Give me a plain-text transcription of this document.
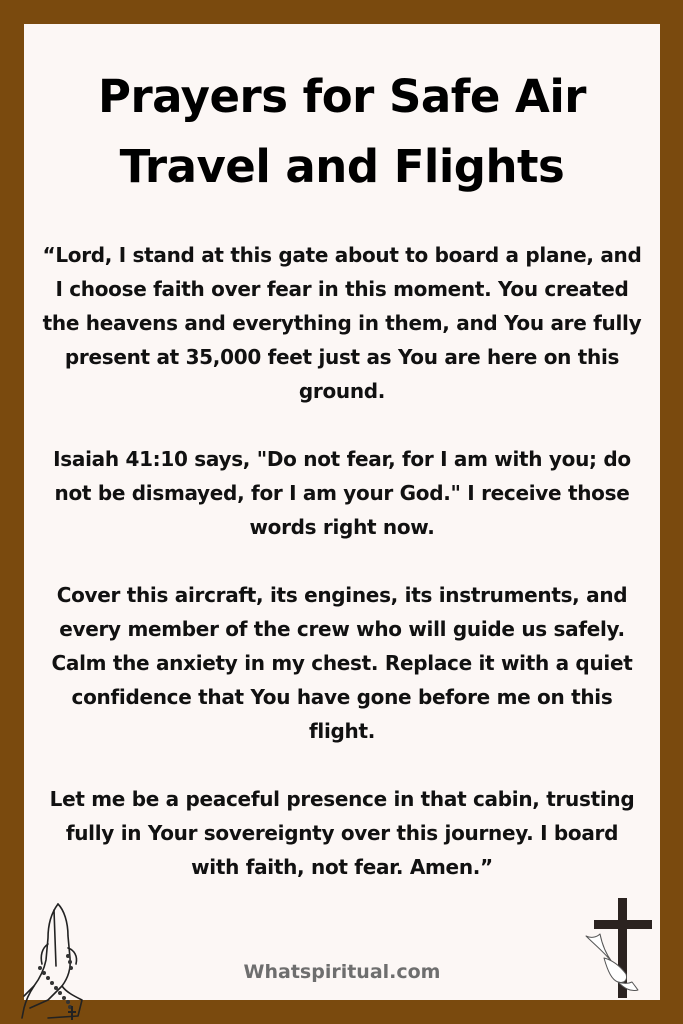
Prayers for Safe Air
Travel and Flights

“Lord, I stand at this gate about to board a plane, and I choose faith over fear in this moment. You created the heavens and everything in them, and You are fully present at 35,000 feet just as You are here on this ground.

Isaiah 41:10 says, "Do not fear, for I am with you; do not be dismayed, for I am your God." I receive those words right now.

Cover this aircraft, its engines, its instruments, and every member of the crew who will guide us safely. Calm the anxiety in my chest. Replace it with a quiet confidence that You have gone before me on this flight.

Let me be a peaceful presence in that cabin, trusting fully in Your sovereignty over this journey. I board with faith, not fear. Amen.”

Whatspiritual.com
